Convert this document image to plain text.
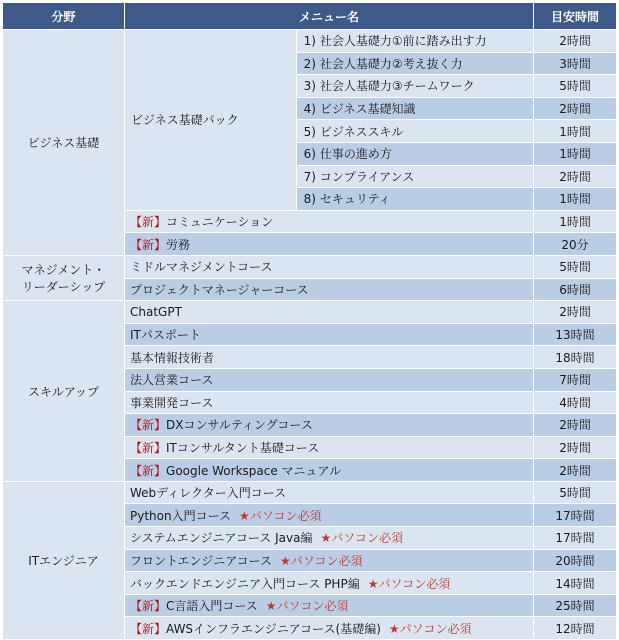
分野	メニュー名		目安時間
ビジネス基礎	ビジネス基礎パック	1) 社会人基礎力①前に踏み出す力	2時間
		2) 社会人基礎力②考え抜く力	3時間
		3) 社会人基礎力③チームワーク	5時間
		4) ビジネス基礎知識	2時間
		5) ビジネススキル	1時間
		6) 仕事の進め方	1時間
		7) コンプライアンス	2時間
		8) セキュリティ	1時間
	【新】コミュニケーション		1時間
	【新】労務		20分
マネジメント・
リーダーシップ	ミドルマネジメントコース		5時間
	プロジェクトマネージャーコース		6時間
スキルアップ	ChatGPT		2時間
	ITパスポート		13時間
	基本情報技術者		18時間
	法人営業コース		7時間
	事業開発コース		4時間
	【新】DXコンサルティングコース		2時間
	【新】ITコンサルタント基礎コース		2時間
	【新】Google Workspace マニュアル		2時間
ITエンジニア	Webディレクター入門コース		5時間
	Python入門コース ★パソコン必須		17時間
	システムエンジニアコース Java編 ★パソコン必須		17時間
	フロントエンジニアコース ★パソコン必須		20時間
	バックエンドエンジニア入門コース PHP編 ★パソコン必須		14時間
	【新】C言語入門コース ★パソコン必須		25時間
	【新】AWSインフラエンジニアコース(基礎編) ★パソコン必須		12時間
